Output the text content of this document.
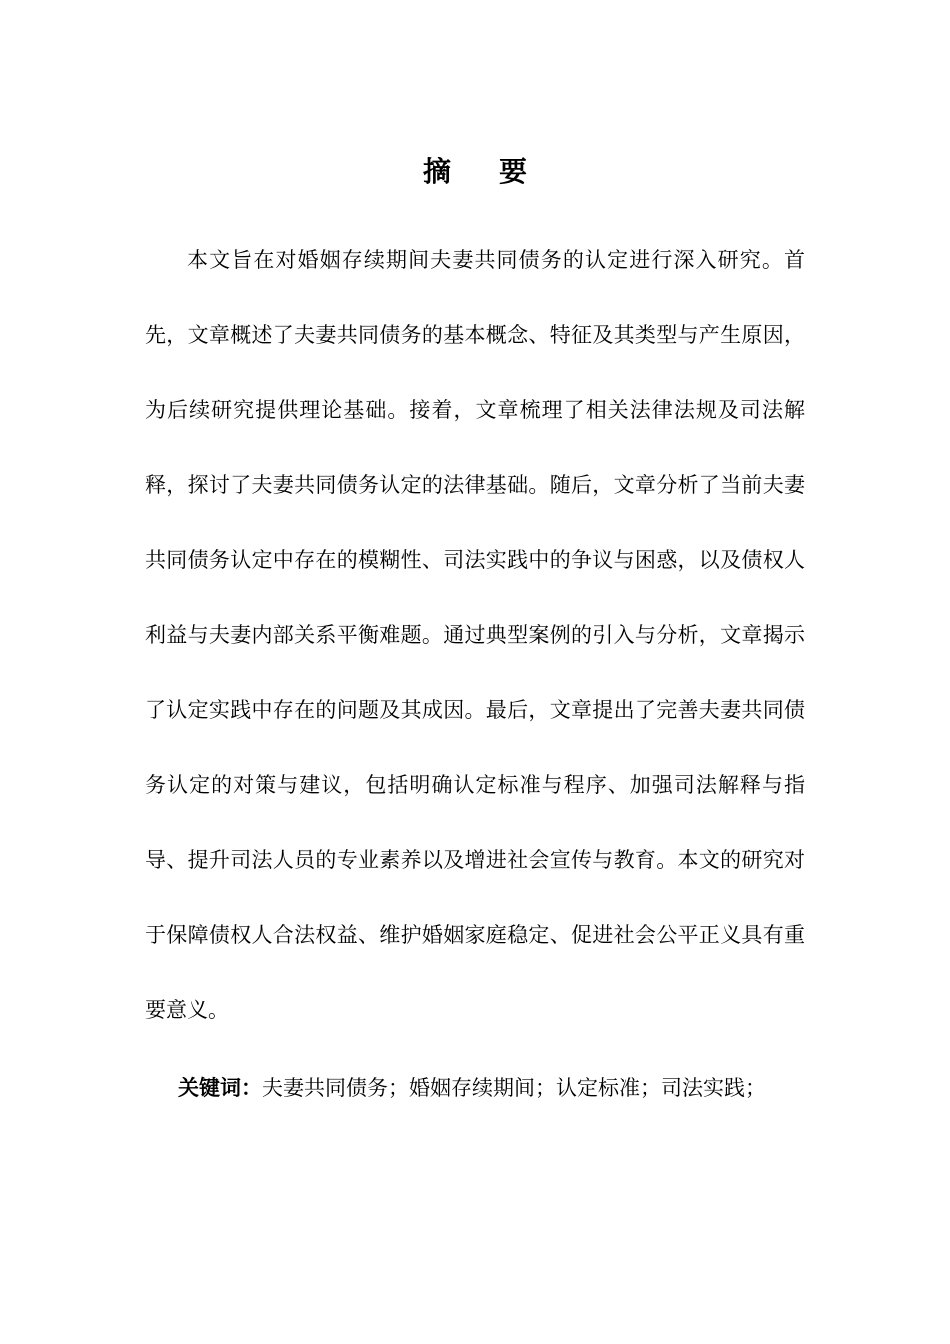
摘 要

本文旨在对婚姻存续期间夫妻共同债务的认定进行深入研究。首先，文章概述了夫妻共同债务的基本概念、特征及其类型与产生原因，为后续研究提供理论基础。接着，文章梳理了相关法律法规及司法解释，探讨了夫妻共同债务认定的法律基础。随后，文章分析了当前夫妻共同债务认定中存在的模糊性、司法实践中的争议与困惑，以及债权人利益与夫妻内部关系平衡难题。通过典型案例的引入与分析，文章揭示了认定实践中存在的问题及其成因。最后，文章提出了完善夫妻共同债务认定的对策与建议，包括明确认定标准与程序、加强司法解释与指导、提升司法人员的专业素养以及增进社会宣传与教育。本文的研究对于保障债权人合法权益、维护婚姻家庭稳定、促进社会公平正义具有重要意义。

关键词：夫妻共同债务；婚姻存续期间；认定标准；司法实践；
